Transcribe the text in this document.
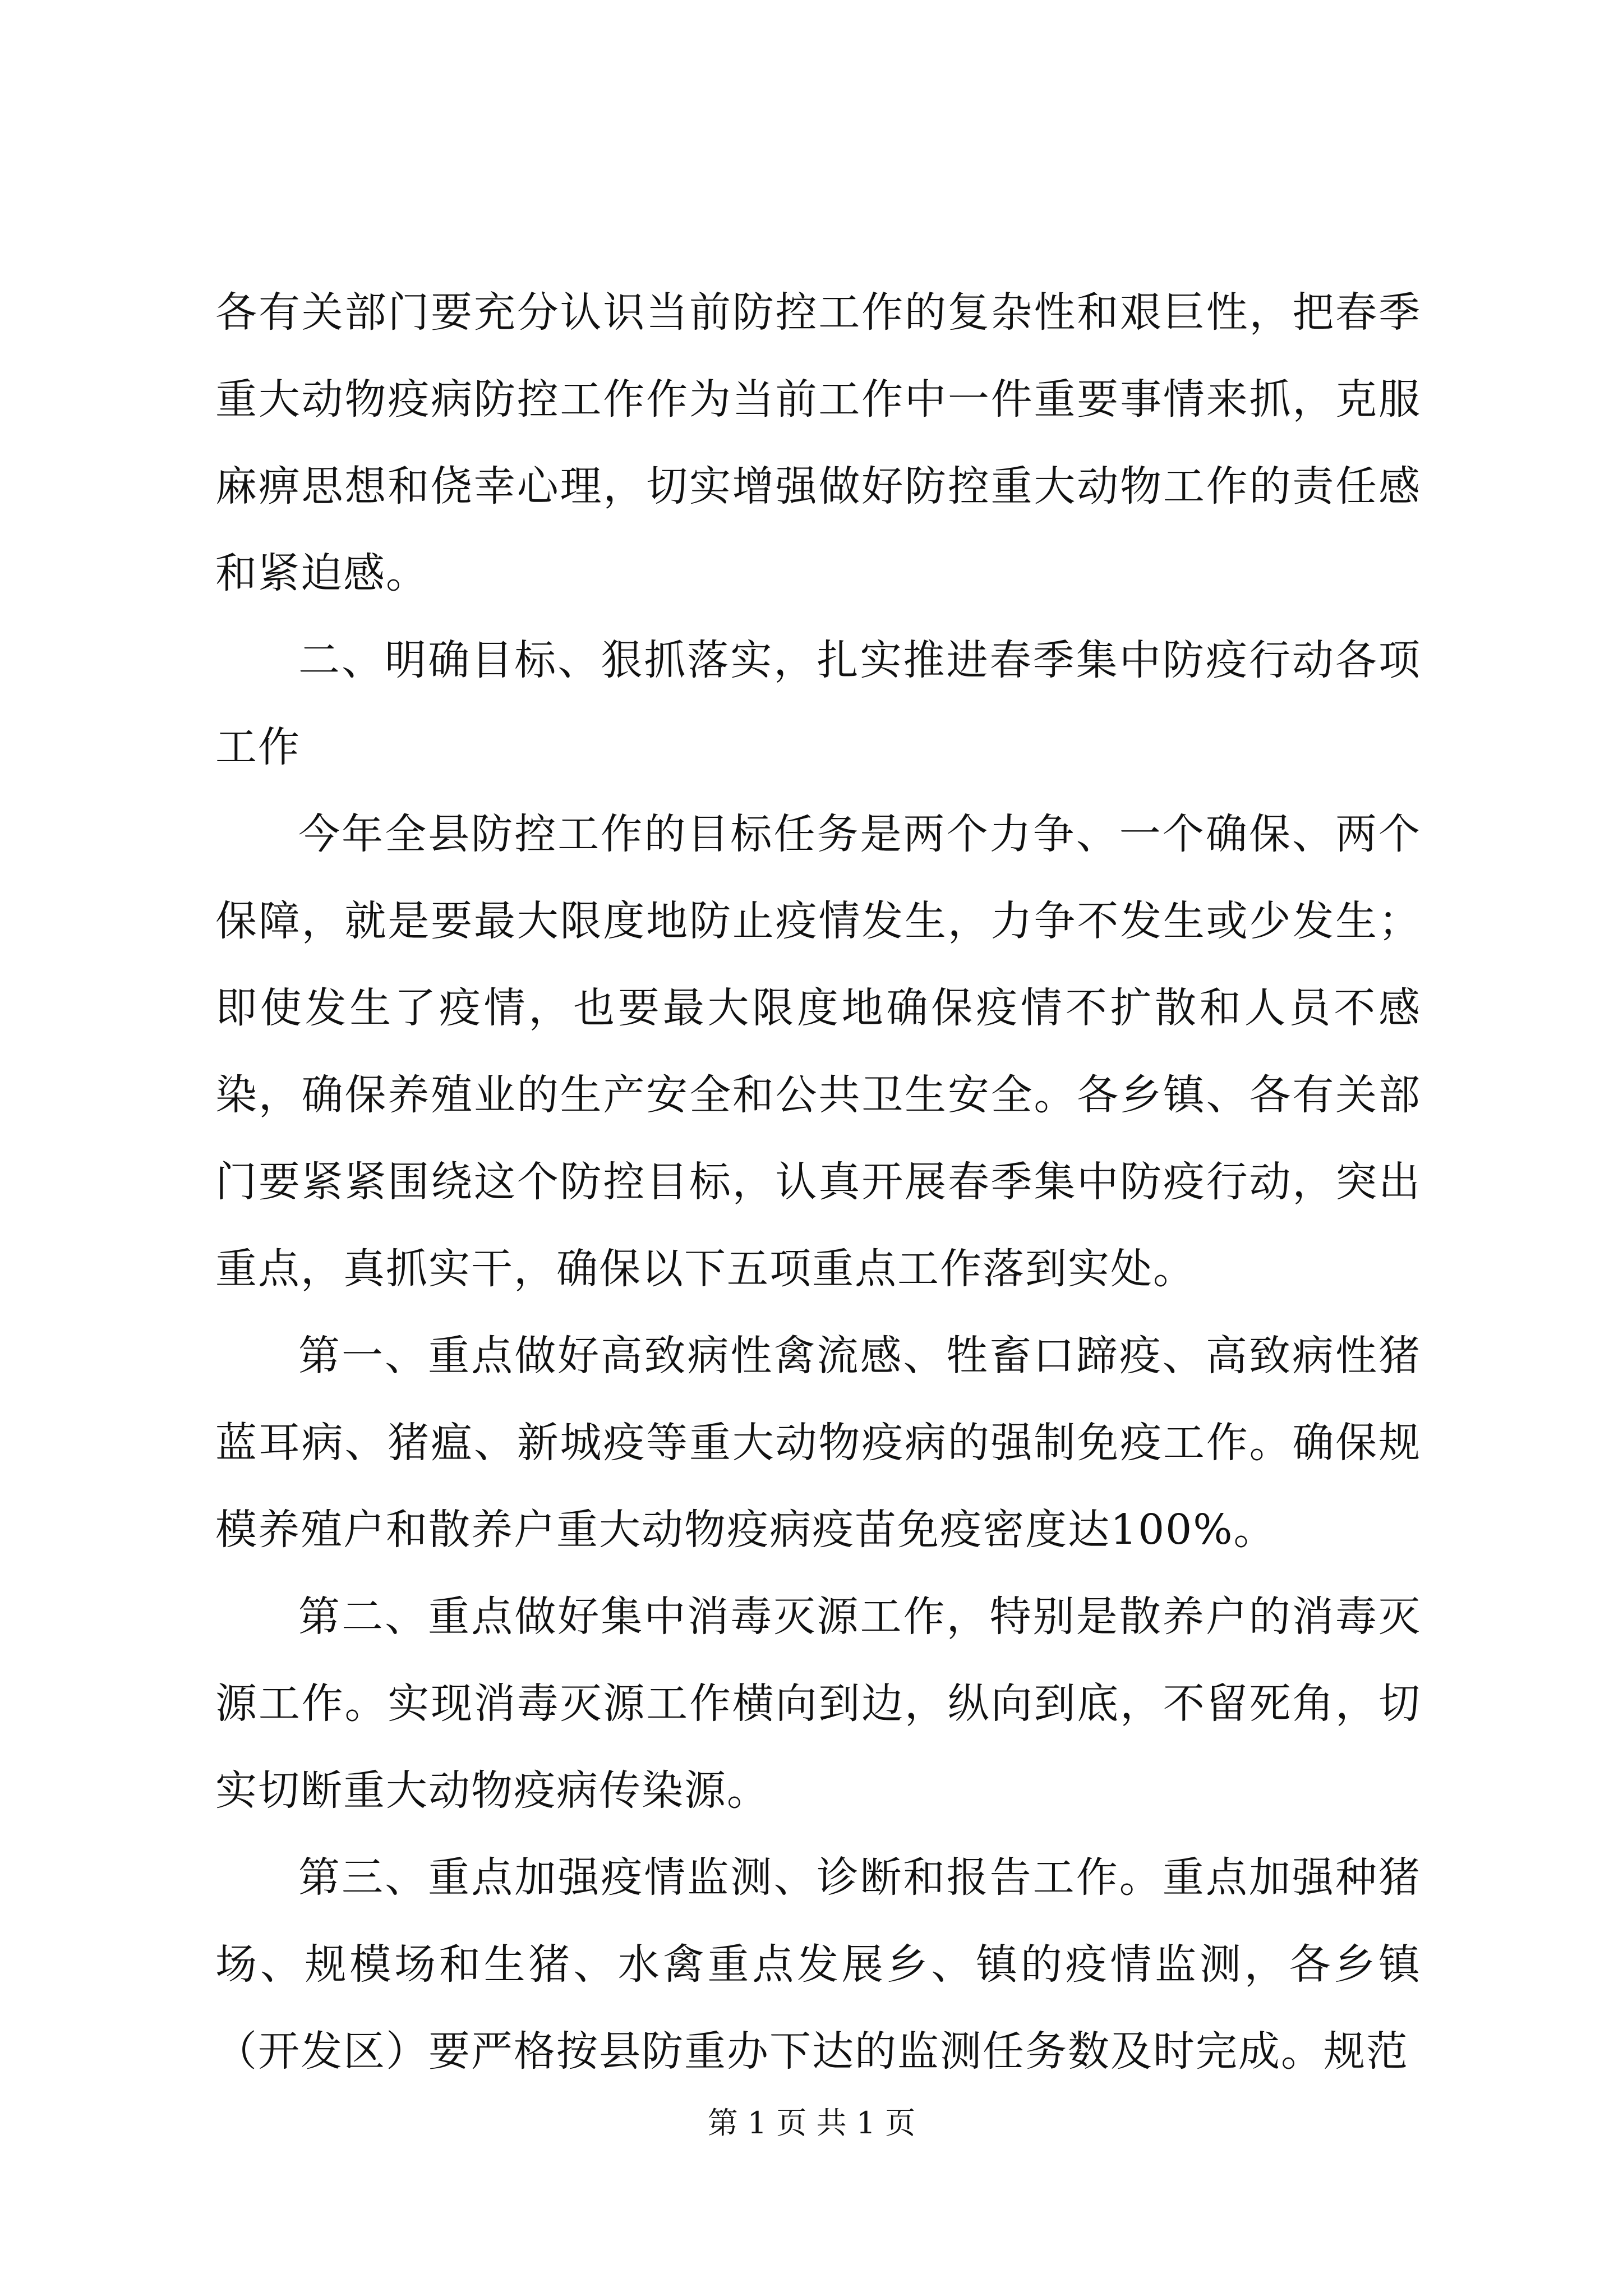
各有关部门要充分认识当前防控工作的复杂性和艰巨性，把春季重大动物疫病防控工作作为当前工作中一件重要事情来抓，克服麻痹思想和侥幸心理，切实增强做好防控重大动物工作的责任感和紧迫感。

二、明确目标、狠抓落实，扎实推进春季集中防疫行动各项工作

今年全县防控工作的目标任务是两个力争、一个确保、两个保障，就是要最大限度地防止疫情发生，力争不发生或少发生；即使发生了疫情，也要最大限度地确保疫情不扩散和人员不感染，确保养殖业的生产安全和公共卫生安全。各乡镇、各有关部门要紧紧围绕这个防控目标，认真开展春季集中防疫行动，突出重点，真抓实干，确保以下五项重点工作落到实处。

第一、重点做好高致病性禽流感、牲畜口蹄疫、高致病性猪蓝耳病、猪瘟、新城疫等重大动物疫病的强制免疫工作。确保规模养殖户和散养户重大动物疫病疫苗免疫密度达100%。

第二、重点做好集中消毒灭源工作，特别是散养户的消毒灭源工作。实现消毒灭源工作横向到边，纵向到底，不留死角，切实切断重大动物疫病传染源。

第三、重点加强疫情监测、诊断和报告工作。重点加强种猪场、规模场和生猪、水禽重点发展乡、镇的疫情监测，各乡镇（开发区）要严格按县防重办下达的监测任务数及时完成。规范

第 1 页 共 1 页
